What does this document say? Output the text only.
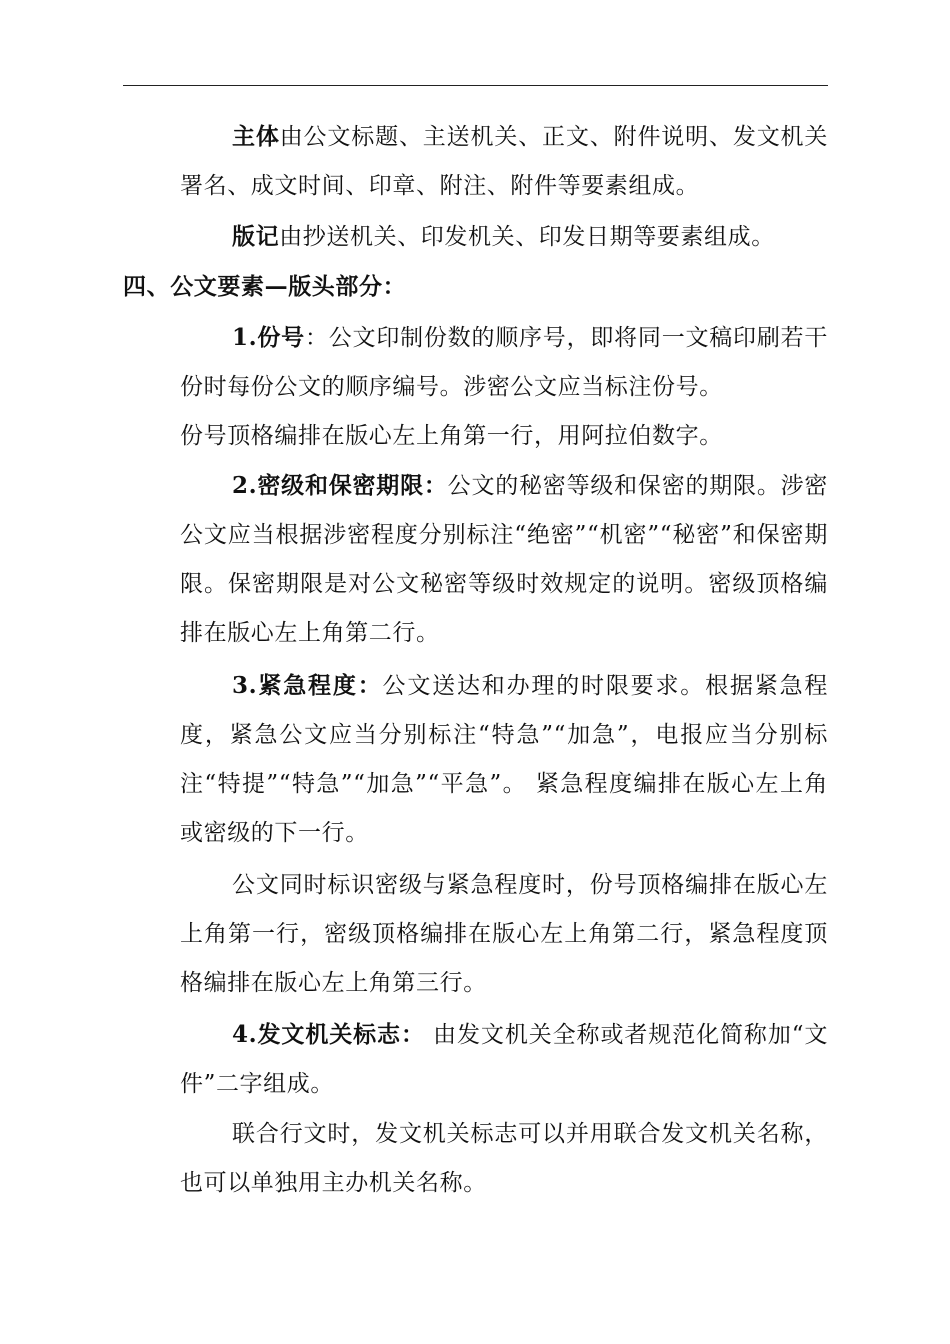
主体由公文标题、主送机关、正文、附件说明、发文机关署名、成文时间、印章、附注、附件等要素组成。
版记由抄送机关、印发机关、印发日期等要素组成。
四、公文要素—版头部分：
1.份号：公文印制份数的顺序号，即将同一文稿印刷若干份时每份公文的顺序编号。涉密公文应当标注份号。
份号顶格编排在版心左上角第一行，用阿拉伯数字。
2.密级和保密期限：公文的秘密等级和保密的期限。涉密公文应当根据涉密程度分别标注“绝密”“机密”“秘密”和保密期限。保密期限是对公文秘密等级时效规定的说明。密级顶格编排在版心左上角第二行。
3.紧急程度：公文送达和办理的时限要求。根据紧急程度，紧急公文应当分别标注“特急”“加急”，电报应当分别标注“特提”“特急”“加急”“平急”。 紧急程度编排在版心左上角或密级的下一行。
公文同时标识密级与紧急程度时，份号顶格编排在版心左上角第一行，密级顶格编排在版心左上角第二行，紧急程度顶格编排在版心左上角第三行。
4.发文机关标志： 由发文机关全称或者规范化简称加“文件”二字组成。
联合行文时，发文机关标志可以并用联合发文机关名称，也可以单独用主办机关名称。
